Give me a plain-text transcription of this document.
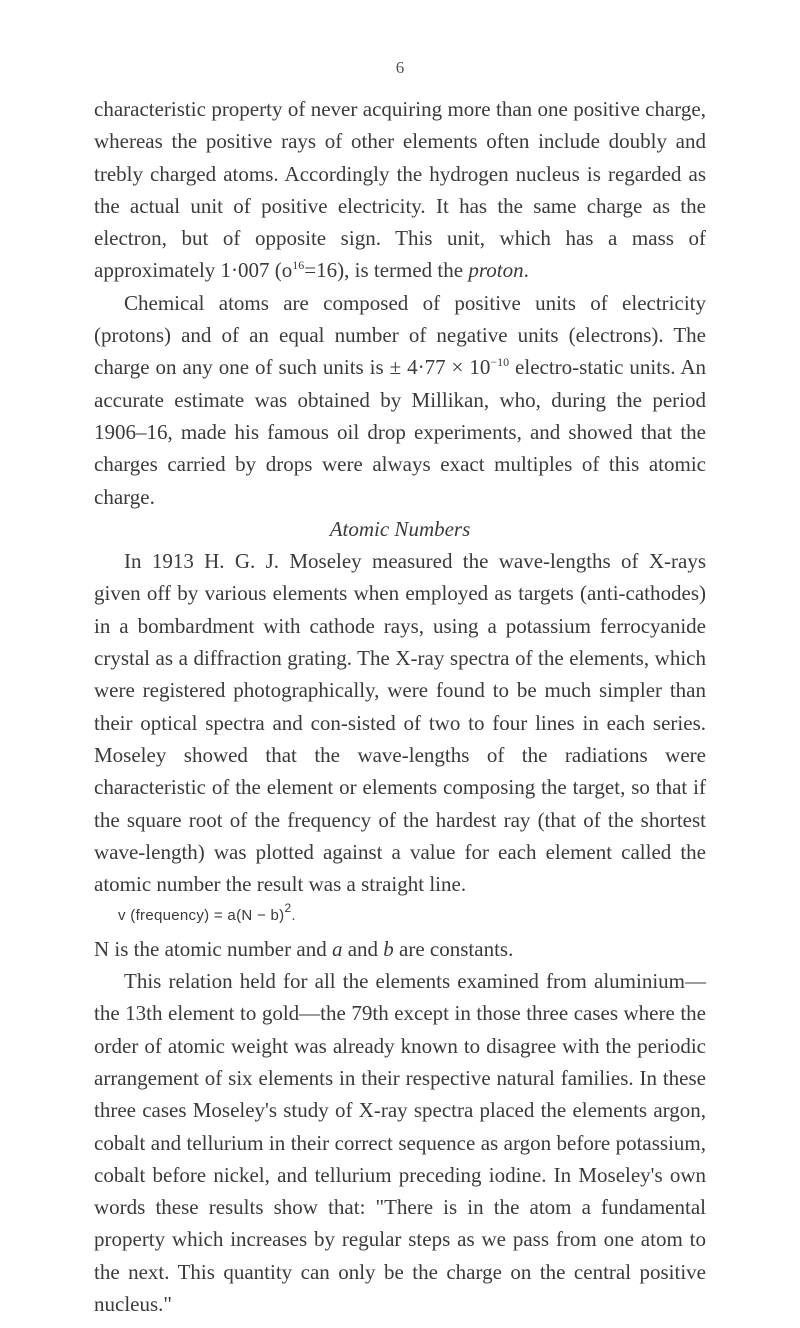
6

characteristic property of never acquiring more than one positive charge, whereas the positive rays of other elements often include doubly and trebly charged atoms. Accordingly the hydrogen nucleus is regarded as the actual unit of positive electricity. It has the same charge as the electron, but of opposite sign. This unit, which has a mass of approximately 1·007 $(o^{16}=16)$, is termed the proton.

Chemical atoms are composed of positive units of electricity (protons) and of an equal number of negative units (electrons). The charge on any one of such units is ± $4\cdot 77 \times 10^{-10}$ electro-static units. An accurate estimate was obtained by Millikan, who, during the period 1906–16, made his famous oil drop experiments, and showed that the charges carried by drops were always exact multiples of this atomic charge.

Atomic Numbers

In 1913 H. G. J. Moseley measured the wave-lengths of X-rays given off by various elements when employed as targets (anti-cathodes) in a bombardment with cathode rays, using a potassium ferrocyanide crystal as a diffraction grating. The X-ray spectra of the elements, which were registered photographically, were found to be much simpler than their optical spectra and con-sisted of two to four lines in each series. Moseley showed that the wave-lengths of the radiations were characteristic of the element or elements composing the target, so that if the square root of the frequency of the hardest ray (that of the shortest wave-length) was plotted against a value for each element called the atomic number the result was a straight line.

v (frequency) = $a(N - b)^2$.

N is the atomic number and a and b are constants.

This relation held for all the elements examined from aluminium—the 13th element to gold—the 79th except in those three cases where the order of atomic weight was already known to disagree with the periodic arrangement of six elements in their respective natural families. In these three cases Moseley's study of X-ray spectra placed the elements argon, cobalt and tellurium in their correct sequence as argon before potassium, cobalt before nickel, and tellurium preceding iodine. In Moseley's own words these results show that: "There is in the atom a fundamental property which increases by regular steps as we pass from one atom to the next. This quantity can only be the charge on the central positive nucleus."
